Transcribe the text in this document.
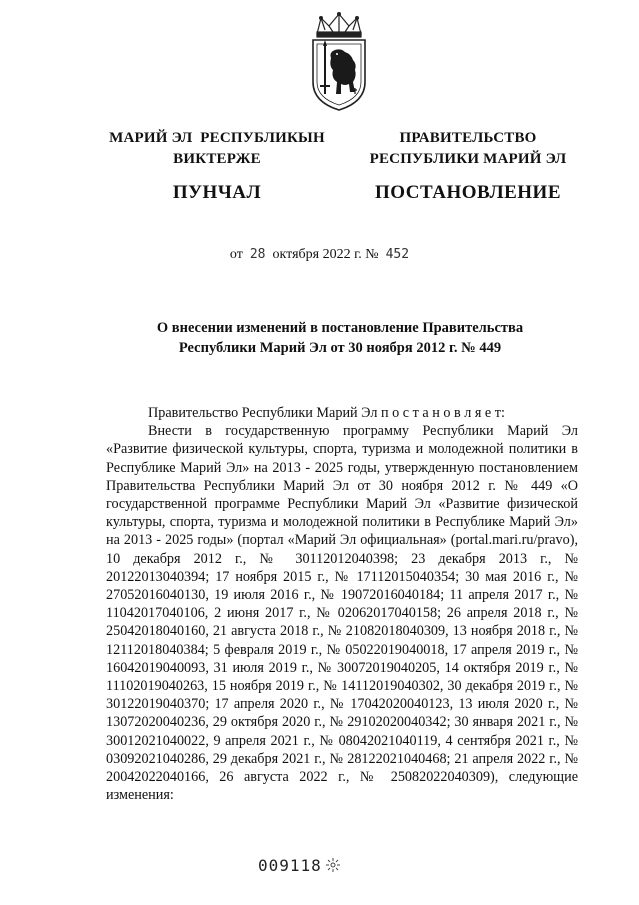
МАРИЙ ЭЛ  РЕСПУБЛИКЫН
ВИКТЕРЖЕ
ПУНЧАЛ
ПРАВИТЕЛЬСТВО
РЕСПУБЛИКИ МАРИЙ ЭЛ
ПОСТАНОВЛЕНИЕ
от 28 октября 2022 г. № 452
О внесении изменений в постановление Правительства
Республики Марий Эл от 30 ноября 2012 г. № 449

Правительство Республики Марий Эл п о с т а н о в л я е т:

Внести в государственную программу Республики Марий Эл «Развитие физической культуры, спорта, туризма и молодежной политики в Республике Марий Эл» на 2013 - 2025 годы, утвержденную постановлением Правительства Республики Марий Эл от 30 ноября 2012 г. № 449 «О государственной программе Республики Марий Эл «Развитие физической культуры, спорта, туризма и молодежной политики в Республике Марий Эл» на 2013 - 2025 годы» (портал «Марий Эл официальная» (portal.mari.ru/pravo), 10 декабря 2012 г., № 30112012040398; 23 декабря 2013 г., № 20122013040394; 17 ноября 2015 г., № 17112015040354; 30 мая 2016 г., № 27052016040130, 19 июля 2016 г., № 19072016040184; 11 апреля 2017 г., № 11042017040106, 2 июня 2017 г., № 02062017040158; 26 апреля 2018 г., № 25042018040160, 21 августа 2018 г., № 21082018040309, 13 ноября 2018 г., № 12112018040384; 5 февраля 2019 г., № 05022019040018, 17 апреля 2019 г., № 16042019040093, 31 июля 2019 г., № 30072019040205, 14 октября 2019 г., № 11102019040263, 15 ноября 2019 г., № 14112019040302, 30 декабря 2019 г., № 30122019040370; 17 апреля 2020 г., № 17042020040123, 13 июля 2020 г., № 13072020040236, 29 октября 2020 г., № 29102020040342; 30 января 2021 г., № 30012021040022, 9 апреля 2021 г., № 08042021040119, 4 сентября 2021 г., № 03092021040286, 29 декабря 2021 г., № 28122021040468; 21 апреля 2022 г., № 20042022040166, 26 августа 2022 г., № 25082022040309), следующие изменения:

009118
